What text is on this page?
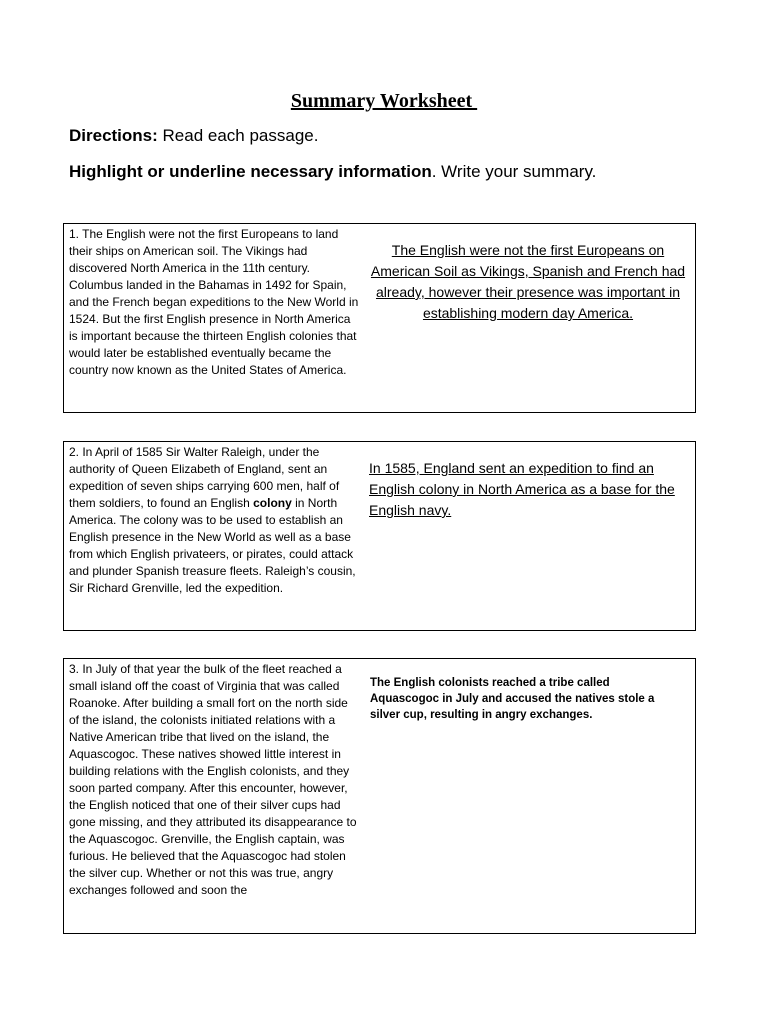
Summary Worksheet
Directions: Read each passage.
Highlight or underline necessary information. Write your summary.
1. The English were not the first Europeans to land their ships on American soil. The Vikings had discovered North America in the 11th century. Columbus landed in the Bahamas in 1492 for Spain, and the French began expeditions to the New World in 1524. But the first English presence in North America is important because the thirteen English colonies that would later be established eventually became the country now known as the United States of America.
The English were not the first Europeans on American Soil as Vikings, Spanish and French had already, however their presence was important in establishing modern day America.
2. In April of 1585 Sir Walter Raleigh, under the authority of Queen Elizabeth of England, sent an expedition of seven ships carrying 600 men, half of them soldiers, to found an English colony in North America. The colony was to be used to establish an English presence in the New World as well as a base from which English privateers, or pirates, could attack and plunder Spanish treasure fleets. Raleigh’s cousin, Sir Richard Grenville, led the expedition.
In 1585, England sent an expedition to find an English colony in North America as a base for the English navy.
3. In July of that year the bulk of the fleet reached a small island off the coast of Virginia that was called Roanoke. After building a small fort on the north side of the island, the colonists initiated relations with a Native American tribe that lived on the island, the Aquascogoc. These natives showed little interest in building relations with the English colonists, and they soon parted company. After this encounter, however, the English noticed that one of their silver cups had gone missing, and they attributed its disappearance to the Aquascogoc. Grenville, the English captain, was furious. He believed that the Aquascogoc had stolen the silver cup. Whether or not this was true, angry exchanges followed and soon the
The English colonists reached a tribe called Aquascogoc in July and accused the natives stole a silver cup, resulting in angry exchanges.
